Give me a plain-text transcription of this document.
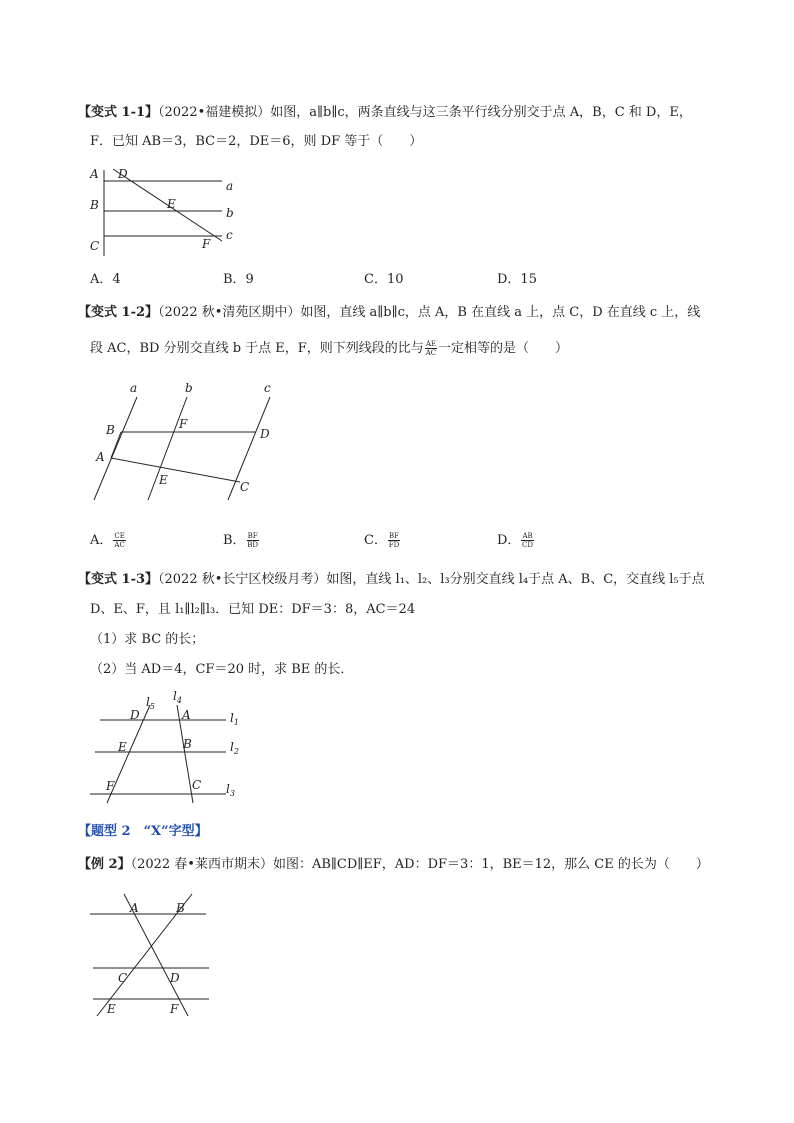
【变式 1-1】（2022•福建模拟）如图，a∥b∥c，两条直线与这三条平行线分别交于点 A，B，C 和 D，E，
F．已知 AB＝3，BC＝2，DE＝6，则 DF 等于（　　）
A D
a
B	E
b
C	F
c
A．4	B．9	C．10	D．15
【变式 1-2】（2022 秋•清苑区期中）如图，直线 a∥b∥c，点 A，B 在直线 a 上，点 C，D 在直线 c 上，线
段 AC，BD 分别交直线 b 于点 E，F，则下列线段的比与 $\frac{AE}{AC}$ 一定相等的是（　　）
a	b	c
B	F
D
A
E	C
A． $\frac{CE}{AC}$	B． $\frac{BF}{BD}$	C． $\frac{BF}{FD}$	D． $\frac{AB}{CD}$
【变式 1-3】（2022 秋•长宁区校级月考）如图，直线 l₁、l₂、l₃分别交直线 l₄于点 A、B、C，交直线 l₅于点
D、E、F，且 l₁∥l₂∥l₃．已知 DE：DF＝3：8，AC＝24
（1）求 BC 的长；
（2）当 AD＝4，CF＝20 时，求 BE 的长．
$l_5$
$l_4$
D	A	$l_1$
E	B	$l_2$
F	C $l_3$
【题型 2　“X”字型】
【例 2】（2022 春•莱西市期末）如图：AB∥CD∥EF，AD：DF＝3：1，BE＝12，那么 CE 的长为（　　）
A	B
C	D
E	F
